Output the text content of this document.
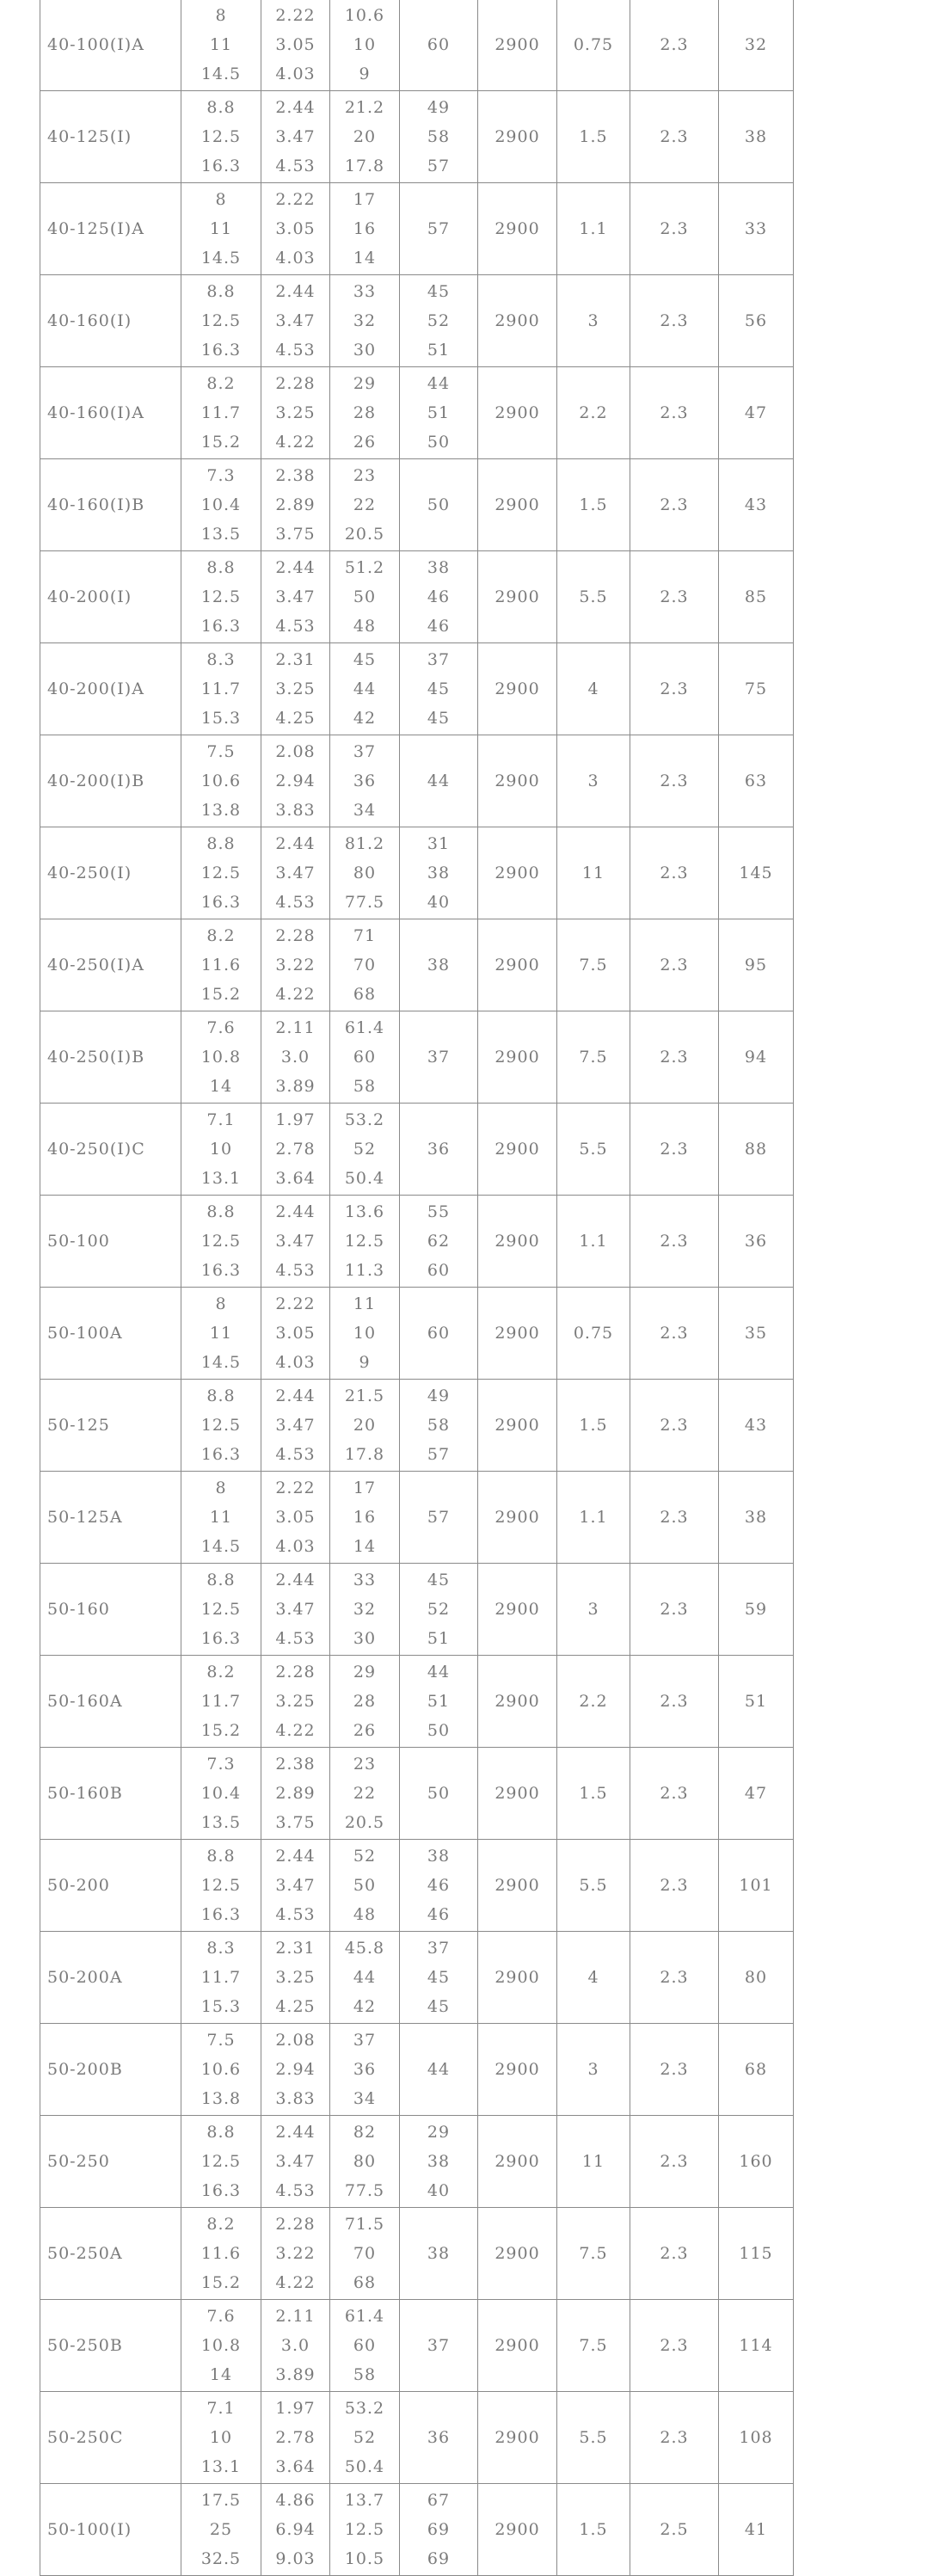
40-100(I)A	8
11
14.5	2.22
3.05
4.03	10.6
10
9	60	2900	0.75	2.3	32
40-125(I)	8.8
12.5
16.3	2.44
3.47
4.53	21.2
20
17.8	49
58
57	2900	1.5	2.3	38
40-125(I)A	8
11
14.5	2.22
3.05
4.03	17
16
14	57	2900	1.1	2.3	33
40-160(I)	8.8
12.5
16.3	2.44
3.47
4.53	33
32
30	45
52
51	2900	3	2.3	56
40-160(I)A	8.2
11.7
15.2	2.28
3.25
4.22	29
28
26	44
51
50	2900	2.2	2.3	47
40-160(I)B	7.3
10.4
13.5	2.38
2.89
3.75	23
22
20.5	50	2900	1.5	2.3	43
40-200(I)	8.8
12.5
16.3	2.44
3.47
4.53	51.2
50
48	38
46
46	2900	5.5	2.3	85
40-200(I)A	8.3
11.7
15.3	2.31
3.25
4.25	45
44
42	37
45
45	2900	4	2.3	75
40-200(I)B	7.5
10.6
13.8	2.08
2.94
3.83	37
36
34	44	2900	3	2.3	63
40-250(I)	8.8
12.5
16.3	2.44
3.47
4.53	81.2
80
77.5	31
38
40	2900	11	2.3	145
40-250(I)A	8.2
11.6
15.2	2.28
3.22
4.22	71
70
68	38	2900	7.5	2.3	95
40-250(I)B	7.6
10.8
14	2.11
3.0
3.89	61.4
60
58	37	2900	7.5	2.3	94
40-250(I)C	7.1
10
13.1	1.97
2.78
3.64	53.2
52
50.4	36	2900	5.5	2.3	88
50-100	8.8
12.5
16.3	2.44
3.47
4.53	13.6
12.5
11.3	55
62
60	2900	1.1	2.3	36
50-100A	8
11
14.5	2.22
3.05
4.03	11
10
9	60	2900	0.75	2.3	35
50-125	8.8
12.5
16.3	2.44
3.47
4.53	21.5
20
17.8	49
58
57	2900	1.5	2.3	43
50-125A	8
11
14.5	2.22
3.05
4.03	17
16
14	57	2900	1.1	2.3	38
50-160	8.8
12.5
16.3	2.44
3.47
4.53	33
32
30	45
52
51	2900	3	2.3	59
50-160A	8.2
11.7
15.2	2.28
3.25
4.22	29
28
26	44
51
50	2900	2.2	2.3	51
50-160B	7.3
10.4
13.5	2.38
2.89
3.75	23
22
20.5	50	2900	1.5	2.3	47
50-200	8.8
12.5
16.3	2.44
3.47
4.53	52
50
48	38
46
46	2900	5.5	2.3	101
50-200A	8.3
11.7
15.3	2.31
3.25
4.25	45.8
44
42	37
45
45	2900	4	2.3	80
50-200B	7.5
10.6
13.8	2.08
2.94
3.83	37
36
34	44	2900	3	2.3	68
50-250	8.8
12.5
16.3	2.44
3.47
4.53	82
80
77.5	29
38
40	2900	11	2.3	160
50-250A	8.2
11.6
15.2	2.28
3.22
4.22	71.5
70
68	38	2900	7.5	2.3	115
50-250B	7.6
10.8
14	2.11
3.0
3.89	61.4
60
58	37	2900	7.5	2.3	114
50-250C	7.1
10
13.1	1.97
2.78
3.64	53.2
52
50.4	36	2900	5.5	2.3	108
50-100(I)	17.5
25
32.5	4.86
6.94
9.03	13.7
12.5
10.5	67
69
69	2900	1.5	2.5	41
